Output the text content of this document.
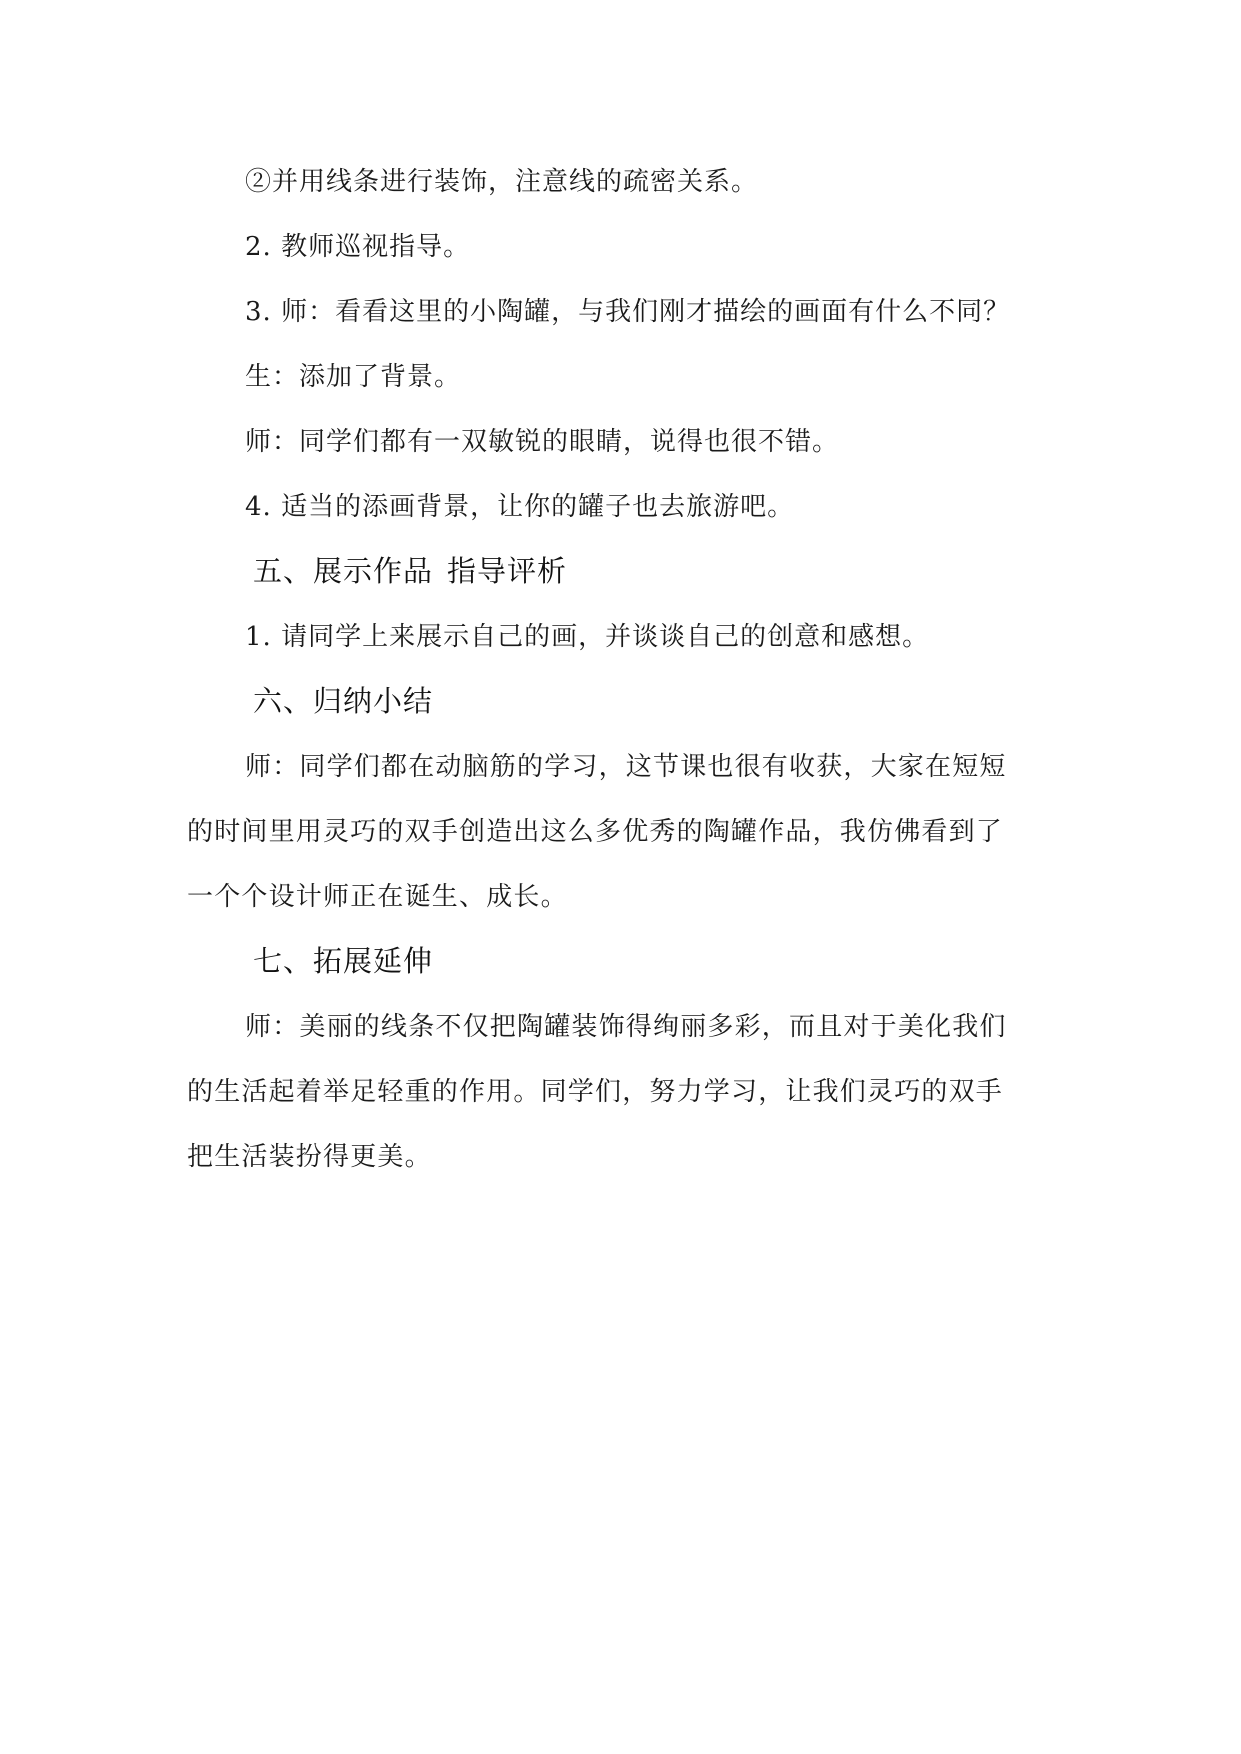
②并用线条进行装饰，注意线的疏密关系。
2. 教师巡视指导。
3. 师：看看这里的小陶罐，与我们刚才描绘的画面有什么不同？
生：添加了背景。
师：同学们都有一双敏锐的眼睛，说得也很不错。
4. 适当的添画背景，让你的罐子也去旅游吧。
五、展示作品 指导评析
1. 请同学上来展示自己的画，并谈谈自己的创意和感想。
六、归纳小结
师：同学们都在动脑筋的学习，这节课也很有收获，大家在短短
的时间里用灵巧的双手创造出这么多优秀的陶罐作品，我仿佛看到了
一个个设计师正在诞生、成长。
七、拓展延伸
师：美丽的线条不仅把陶罐装饰得绚丽多彩，而且对于美化我们
的生活起着举足轻重的作用。同学们，努力学习，让我们灵巧的双手
把生活装扮得更美。
